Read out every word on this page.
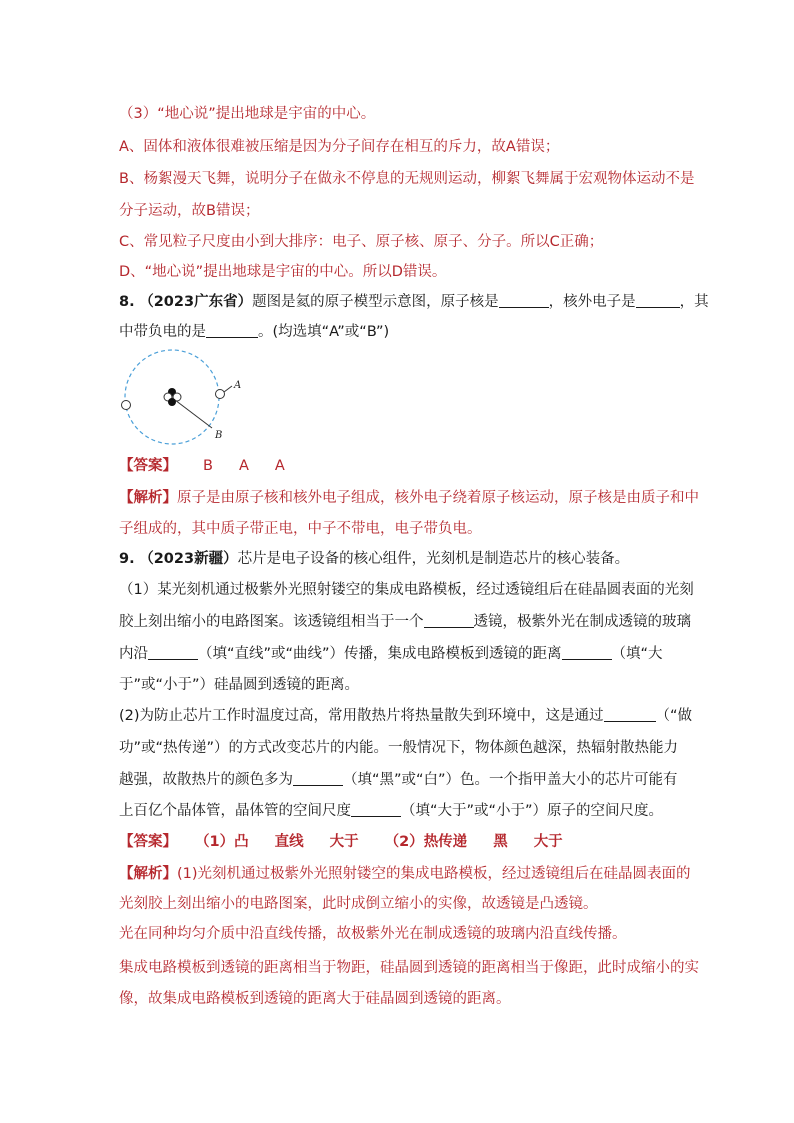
（3）“地心说”提出地球是宇宙的中心。
A、固体和液体很难被压缩是因为分子间存在相互的斥力，故A错误；
B、杨絮漫天飞舞，说明分子在做永不停息的无规则运动，柳絮飞舞属于宏观物体运动不是
分子运动，故B错误；
C、常见粒子尺度由小到大排序：电子、原子核、原子、分子。所以C正确；
D、“地心说”提出地球是宇宙的中心。所以D错误。
8. （2023广东省）题图是氦的原子模型示意图，原子核是	，核外电子是	，其
中带负电的是	。(均选填“A”或“B”)
A
B
【答案】 B A A
【解析】原子是由原子核和核外电子组成，核外电子绕着原子核运动，原子核是由质子和中
子组成的，其中质子带正电，中子不带电，电子带负电。
9. （2023新疆）芯片是电子设备的核心组件，光刻机是制造芯片的核心装备。
（1）某光刻机通过极紫外光照射镂空的集成电路模板，经过透镜组后在硅晶圆表面的光刻
胶上刻出缩小的电路图案。该透镜组相当于一个	透镜，极紫外光在制成透镜的玻璃
内沿	（填“直线”或“曲线”）传播，集成电路模板到透镜的距离	（填“大
于”或“小于”）硅晶圆到透镜的距离。
(2)为防止芯片工作时温度过高，常用散热片将热量散失到环境中，这是通过	（“做
功”或“热传递”）的方式改变芯片的内能。一般情况下，物体颜色越深，热辐射散热能力
越强，故散热片的颜色多为	（填“黑”或“白”）色。一个指甲盖大小的芯片可能有
上百亿个晶体管，晶体管的空间尺度	（填“大于”或“小于”）原子的空间尺度。
【答案】 （1）凸 直线 大于 （2）热传递 黑 大于
【解析】(1)光刻机通过极紫外光照射镂空的集成电路模板，经过透镜组后在硅晶圆表面的
光刻胶上刻出缩小的电路图案，此时成倒立缩小的实像，故透镜是凸透镜。
光在同种均匀介质中沿直线传播，故极紫外光在制成透镜的玻璃内沿直线传播。
集成电路模板到透镜的距离相当于物距，硅晶圆到透镜的距离相当于像距，此时成缩小的实
像，故集成电路模板到透镜的距离大于硅晶圆到透镜的距离。
